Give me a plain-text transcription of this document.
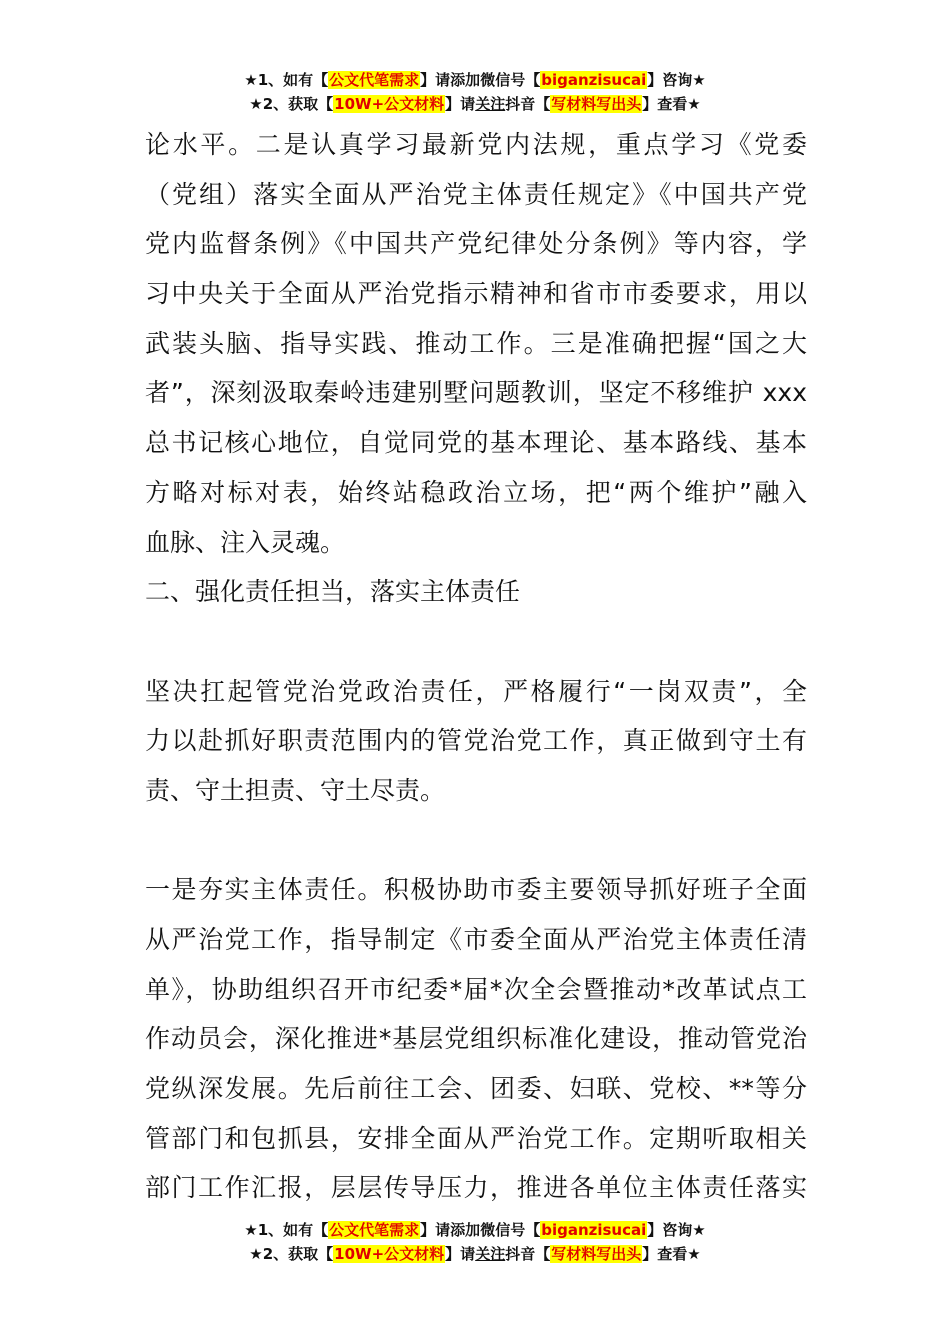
★1、如有【公文代笔需求】请添加微信号【biganzisucai】咨询★
★2、获取【10W+公文材料】请关注抖音【写材料写出头】查看★
论水平。二是认真学习最新党内法规，重点学习《党委
（党组）落实全面从严治党主体责任规定》《中国共产党
党内监督条例》《中国共产党纪律处分条例》等内容，学
习中央关于全面从严治党指示精神和省市市委要求，用以
武装头脑、指导实践、推动工作。三是准确把握“国之大
者”，深刻汲取秦岭违建别墅问题教训，坚定不移维护 xxx
总书记核心地位，自觉同党的基本理论、基本路线、基本
方略对标对表，始终站稳政治立场，把“两个维护”融入
血脉、注入灵魂。
二、强化责任担当，落实主体责任
坚决扛起管党治党政治责任，严格履行“一岗双责”，全
力以赴抓好职责范围内的管党治党工作，真正做到守土有
责、守土担责、守土尽责。
一是夯实主体责任。积极协助市委主要领导抓好班子全面
从严治党工作，指导制定《市委全面从严治党主体责任清
单》，协助组织召开市纪委*届*次全会暨推动*改革试点工
作动员会，深化推进*基层党组织标准化建设，推动管党治
党纵深发展。先后前往工会、团委、妇联、党校、**等分
管部门和包抓县，安排全面从严治党工作。定期听取相关
部门工作汇报，层层传导压力，推进各单位主体责任落实
★1、如有【公文代笔需求】请添加微信号【biganzisucai】咨询★
★2、获取【10W+公文材料】请关注抖音【写材料写出头】查看★
